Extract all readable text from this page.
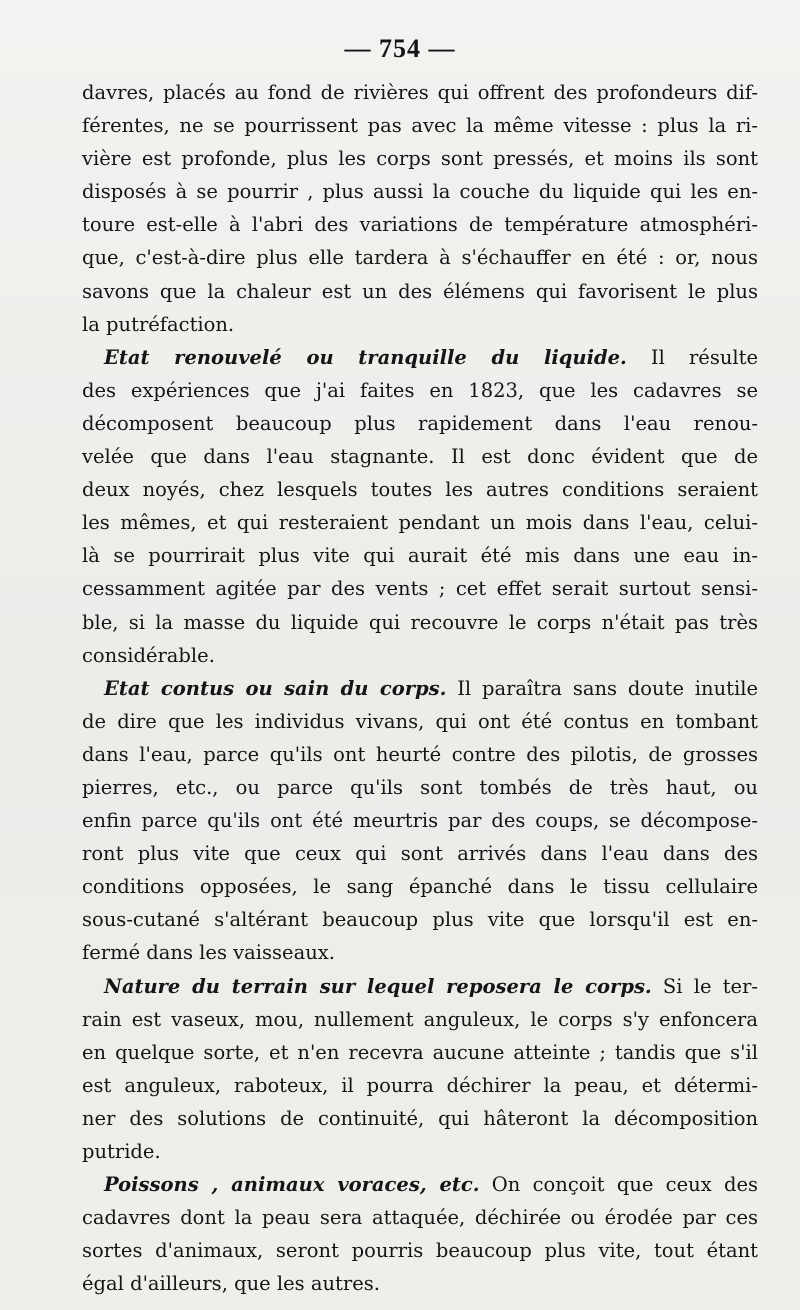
— 754 —
davres, placés au fond de rivières qui offrent des profondeurs dif-
férentes, ne se pourrissent pas avec la même vitesse : plus la ri-
vière est profonde, plus les corps sont pressés, et moins ils sont
disposés à se pourrir , plus aussi la couche du liquide qui les en-
toure est-elle à l'abri des variations de température atmosphéri-
que, c'est-à-dire plus elle tardera à s'échauffer en été : or, nous
savons que la chaleur est un des élémens qui favorisent le plus
la putréfaction.
Etat renouvelé ou tranquille du liquide. Il résulte
des expériences que j'ai faites en 1823, que les cadavres se
décomposent beaucoup plus rapidement dans l'eau renou-
velée que dans l'eau stagnante. Il est donc évident que de
deux noyés, chez lesquels toutes les autres conditions seraient
les mêmes, et qui resteraient pendant un mois dans l'eau, celui-
là se pourrirait plus vite qui aurait été mis dans une eau in-
cessamment agitée par des vents ; cet effet serait surtout sensi-
ble, si la masse du liquide qui recouvre le corps n'était pas très
considérable.
Etat contus ou sain du corps. Il paraîtra sans doute inutile
de dire que les individus vivans, qui ont été contus en tombant
dans l'eau, parce qu'ils ont heurté contre des pilotis, de grosses
pierres, etc., ou parce qu'ils sont tombés de très haut, ou
enfin parce qu'ils ont été meurtris par des coups, se décompose-
ront plus vite que ceux qui sont arrivés dans l'eau dans des
conditions opposées, le sang épanché dans le tissu cellulaire
sous-cutané s'altérant beaucoup plus vite que lorsqu'il est en-
fermé dans les vaisseaux.
Nature du terrain sur lequel reposera le corps. Si le ter-
rain est vaseux, mou, nullement anguleux, le corps s'y enfoncera
en quelque sorte, et n'en recevra aucune atteinte ; tandis que s'il
est anguleux, raboteux, il pourra déchirer la peau, et détermi-
ner des solutions de continuité, qui hâteront la décomposition
putride.
Poissons , animaux voraces, etc. On conçoit que ceux des
cadavres dont la peau sera attaquée, déchirée ou érodée par ces
sortes d'animaux, seront pourris beaucoup plus vite, tout étant
égal d'ailleurs, que les autres.
